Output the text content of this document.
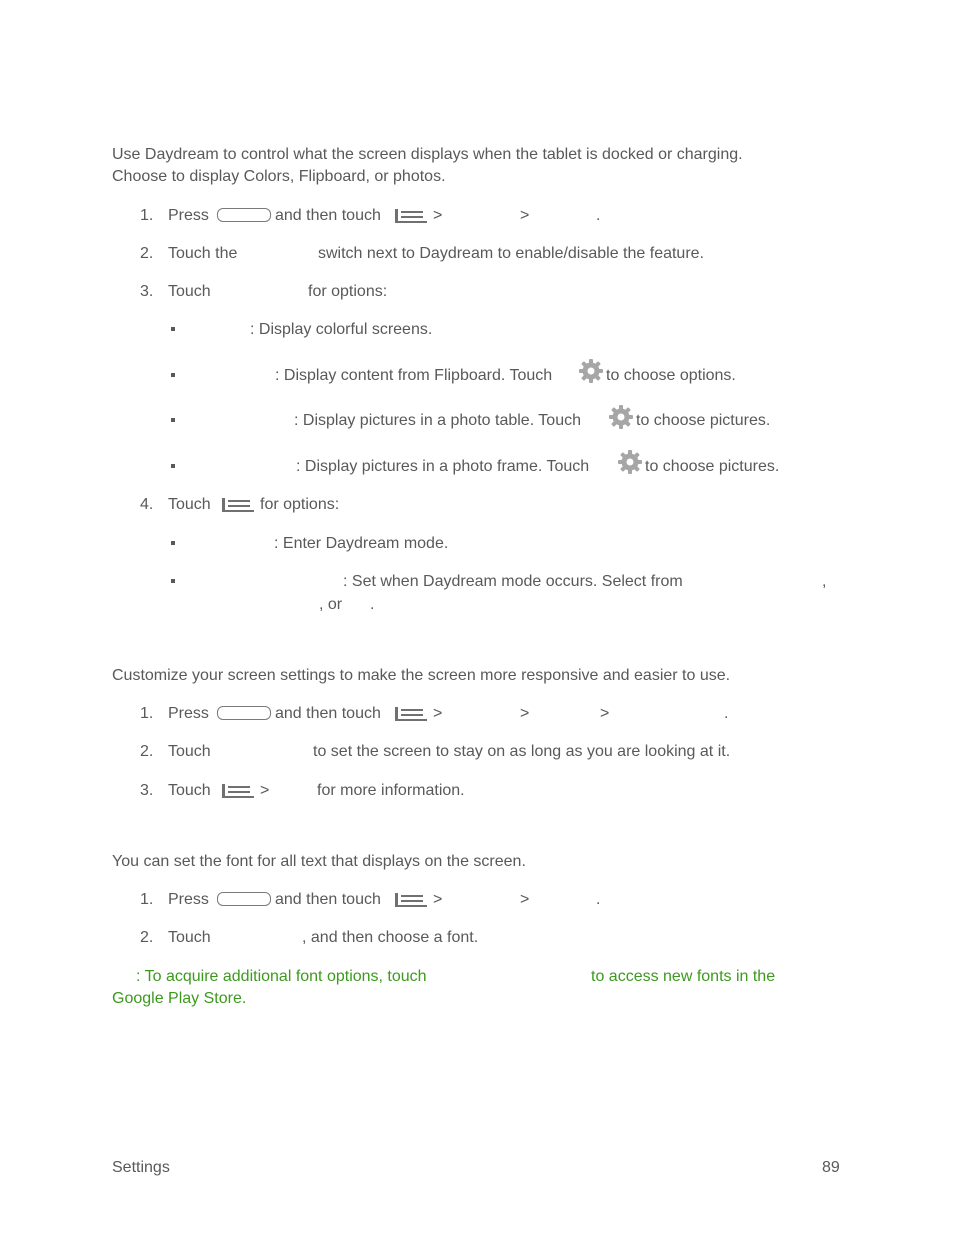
Use Daydream to control what the screen displays when the tablet is docked or charging.
Choose to display Colors, Flipboard, or photos.
1. Press	and then touch	>	>	.
2. Touch the	switch next to Daydream to enable/disable the feature.
3. Touch	for options:
: Display colorful screens.
: Display content from Flipboard. Touch	to choose options.
: Display pictures in a photo table. Touch	to choose pictures.
: Display pictures in a photo frame. Touch	to choose pictures.
4. Touch	for options:
: Enter Daydream mode.
: Set when Daydream mode occurs. Select from	,
, or .
Customize your screen settings to make the screen more responsive and easier to use.
1. Press	and then touch	>	>	>	.
2. Touch	to set the screen to stay on as long as you are looking at it.
3. Touch	>	for more information.
You can set the font for all text that displays on the screen.
1. Press	and then touch	>	>	.
2. Touch	, and then choose a font.
: To acquire additional font options, touch	to access new fonts in the
Google Play Store.
Settings	89
